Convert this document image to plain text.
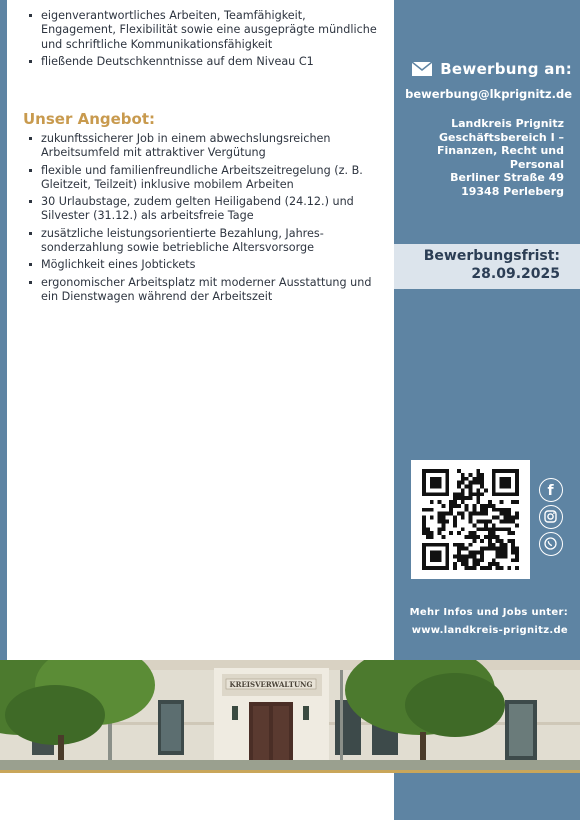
eigenverantwortliches Arbeiten, Teamfähigkeit, Engagement, Flexibilität sowie eine ausgeprägte mündliche und schriftliche Kommunikationsfähigkeit
fließende Deutschkenntnisse auf dem Niveau C1
Unser Angebot:
zukunftssicherer Job in einem abwechslungsreichen Arbeitsumfeld mit attraktiver Vergütung
flexible und familienfreundliche Arbeitszeitregelung (z. B. Gleitzeit, Teilzeit) inklusive mobilem Arbeiten
30 Urlaubstage, zudem gelten Heiligabend (24.12.) und Silvester (31.12.) als arbeitsfreie Tage
zusätzliche leistungsorientierte Bezahlung, Jahres-sonderzahlung sowie betriebliche Altersvorsorge
Möglichkeit eines Jobtickets
ergonomischer Arbeitsplatz mit moderner Ausstattung und ein Dienstwagen während der Arbeitszeit
Bewerbung an:
bewerbung@lkprignitz.de
Landkreis Prignitz
Geschäftsbereich I –
Finanzen, Recht und
Personal
Berliner Straße 49
19348 Perleberg
Bewerbungsfrist:
28.09.2025
f
Mehr Infos und Jobs unter:
www.landkreis-prignitz.de
KREISVERWALTUNG
